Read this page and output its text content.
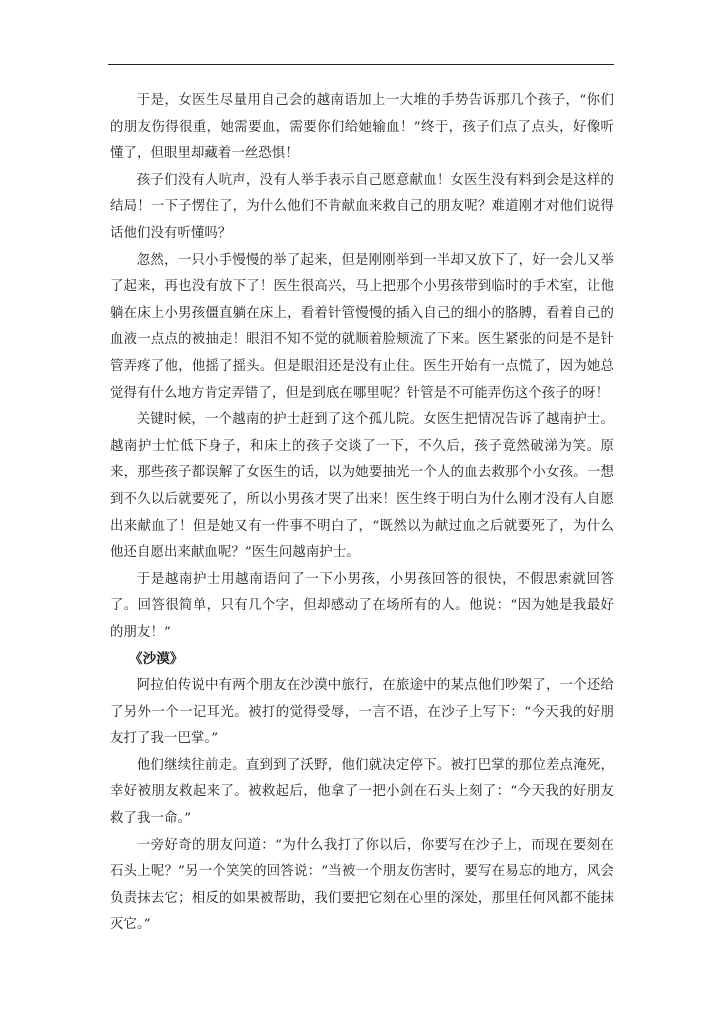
于是，女医生尽量用自己会的越南语加上一大堆的手势告诉那几个孩子，“你们的朋友伤得很重，她需要血，需要你们给她输血！”终于，孩子们点了点头，好像听懂了，但眼里却藏着一丝恐惧！

孩子们没有人吭声，没有人举手表示自己愿意献血！女医生没有料到会是这样的结局！一下子愣住了，为什么他们不肯献血来救自己的朋友呢？难道刚才对他们说得话他们没有听懂吗？

忽然，一只小手慢慢的举了起来，但是刚刚举到一半却又放下了，好一会儿又举了起来，再也没有放下了！医生很高兴，马上把那个小男孩带到临时的手术室，让他躺在床上小男孩僵直躺在床上，看着针管慢慢的插入自己的细小的胳膊，看着自己的血液一点点的被抽走！眼泪不知不觉的就顺着脸颊流了下来。医生紧张的问是不是针管弄疼了他，他摇了摇头。但是眼泪还是没有止住。医生开始有一点慌了，因为她总觉得有什么地方肯定弄错了，但是到底在哪里呢？针管是不可能弄伤这个孩子的呀！

关键时候，一个越南的护士赶到了这个孤儿院。女医生把情况告诉了越南护士。越南护士忙低下身子，和床上的孩子交谈了一下，不久后，孩子竟然破涕为笑。原来，那些孩子都误解了女医生的话，以为她要抽光一个人的血去救那个小女孩。一想到不久以后就要死了，所以小男孩才哭了出来！医生终于明白为什么刚才没有人自愿出来献血了！但是她又有一件事不明白了，“既然以为献过血之后就要死了，为什么他还自愿出来献血呢？”医生问越南护士。

于是越南护士用越南语问了一下小男孩，小男孩回答的很快，不假思索就回答了。回答很简单，只有几个字，但却感动了在场所有的人。他说：“因为她是我最好的朋友！”

《沙漠》

阿拉伯传说中有两个朋友在沙漠中旅行，在旅途中的某点他们吵架了，一个还给了另外一个一记耳光。被打的觉得受辱，一言不语，在沙子上写下：“今天我的好朋友打了我一巴掌。”

他们继续往前走。直到到了沃野，他们就决定停下。被打巴掌的那位差点淹死，幸好被朋友救起来了。被救起后，他拿了一把小剑在石头上刻了：“今天我的好朋友救了我一命。”

一旁好奇的朋友问道：“为什么我打了你以后，你要写在沙子上，而现在要刻在石头上呢？”另一个笑笑的回答说：“当被一个朋友伤害时，要写在易忘的地方，风会负责抹去它；相反的如果被帮助，我们要把它刻在心里的深处，那里任何风都不能抹灭它。”
